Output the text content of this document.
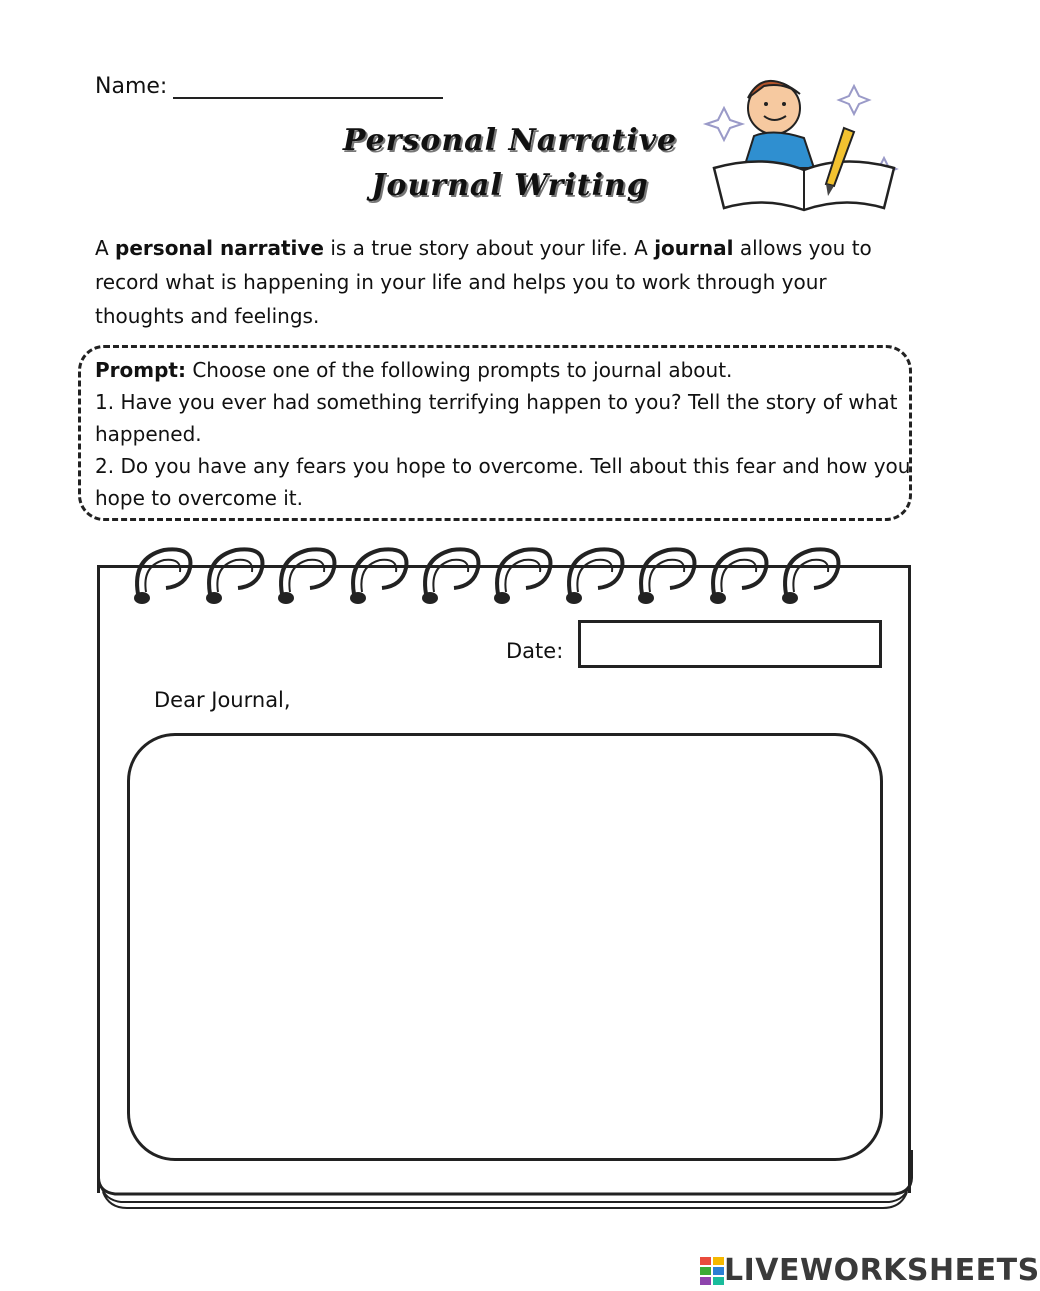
Name:
Personal Narrative
Journal Writing
A personal narrative is a true story about your life. A journal allows you to record what is happening in your life and helps you to work through your thoughts and feelings.
Prompt: Choose one of the following prompts to journal about.
1. Have you ever had something terrifying happen to you? Tell the story of what happened.
2. Do you have any fears you hope to overcome. Tell about this fear and how you hope to overcome it.
Date:
Dear Journal,
LIVEWORKSHEETS
